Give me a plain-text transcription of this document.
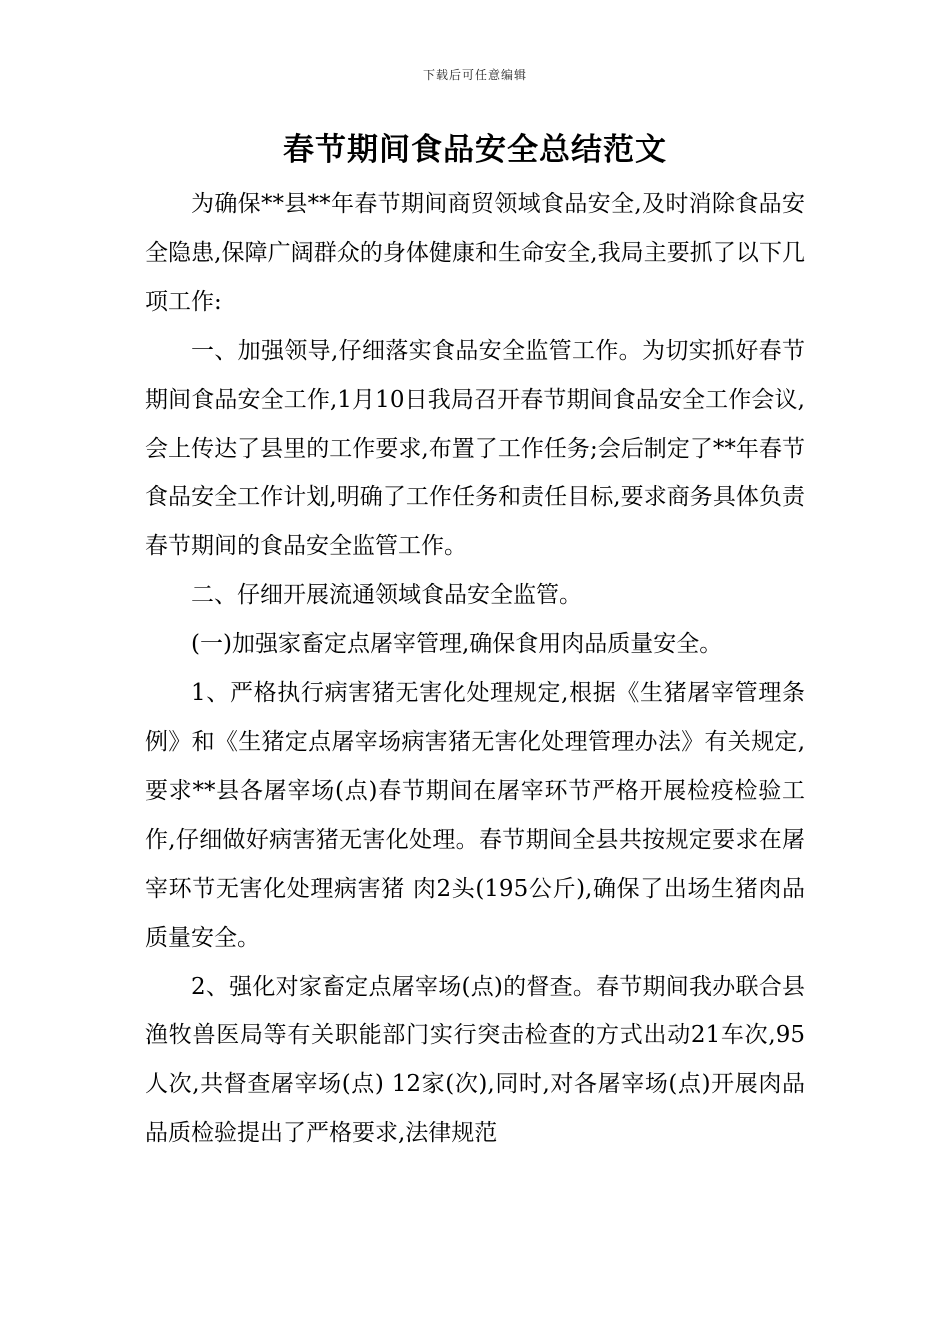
下载后可任意编辑
春节期间食品安全总结范文

为确保**县**年春节期间商贸领域食品安全,及时消除食品安全隐患,保障广阔群众的身体健康和生命安全,我局主要抓了以下几项工作:

一、加强领导,仔细落实食品安全监管工作。为切实抓好春节期间食品安全工作,1月10日我局召开春节期间食品安全工作会议,会上传达了县里的工作要求,布置了工作任务;会后制定了**年春节食品安全工作计划,明确了工作任务和责任目标,要求商务具体负责春节期间的食品安全监管工作。

二、仔细开展流通领域食品安全监管。

(一)加强家畜定点屠宰管理,确保食用肉品质量安全。

1、严格执行病害猪无害化处理规定,根据《生猪屠宰管理条例》和《生猪定点屠宰场病害猪无害化处理管理办法》有关规定,要求**县各屠宰场(点)春节期间在屠宰环节严格开展检疫检验工作,仔细做好病害猪无害化处理。春节期间全县共按规定要求在屠宰环节无害化处理病害猪 肉2头(195公斤),确保了出场生猪肉品质量安全。

2、强化对家畜定点屠宰场(点)的督查。春节期间我办联合县渔牧兽医局等有关职能部门实行突击检查的方式出动21车次,95人次,共督查屠宰场(点) 12家(次),同时,对各屠宰场(点)开展肉品品质检验提出了严格要求,法律规范
